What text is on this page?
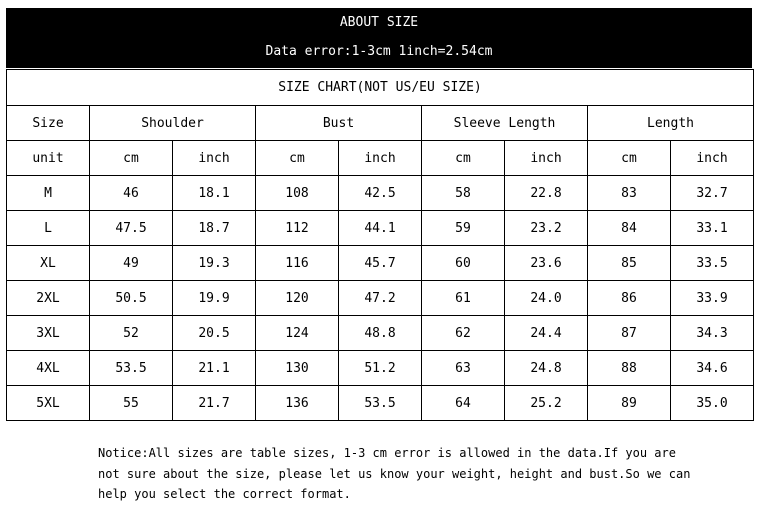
ABOUT SIZE
Data error:1-3cm 1inch=2.54cm
SIZE CHART(NOT US/EU SIZE)								
Size	Shoulder		Bust		Sleeve Length		Length	
unit	cm	inch	cm	inch	cm	inch	cm	inch
M	46	18.1	108	42.5	58	22.8	83	32.7
L	47.5	18.7	112	44.1	59	23.2	84	33.1
XL	49	19.3	116	45.7	60	23.6	85	33.5
2XL	50.5	19.9	120	47.2	61	24.0	86	33.9
3XL	52	20.5	124	48.8	62	24.4	87	34.3
4XL	53.5	21.1	130	51.2	63	24.8	88	34.6
5XL	55	21.7	136	53.5	64	25.2	89	35.0
Notice:All sizes are table sizes, 1-3 cm error is allowed in the data.If you are
not sure about the size, please let us know your weight, height and bust.So we can
help you select the correct format.
